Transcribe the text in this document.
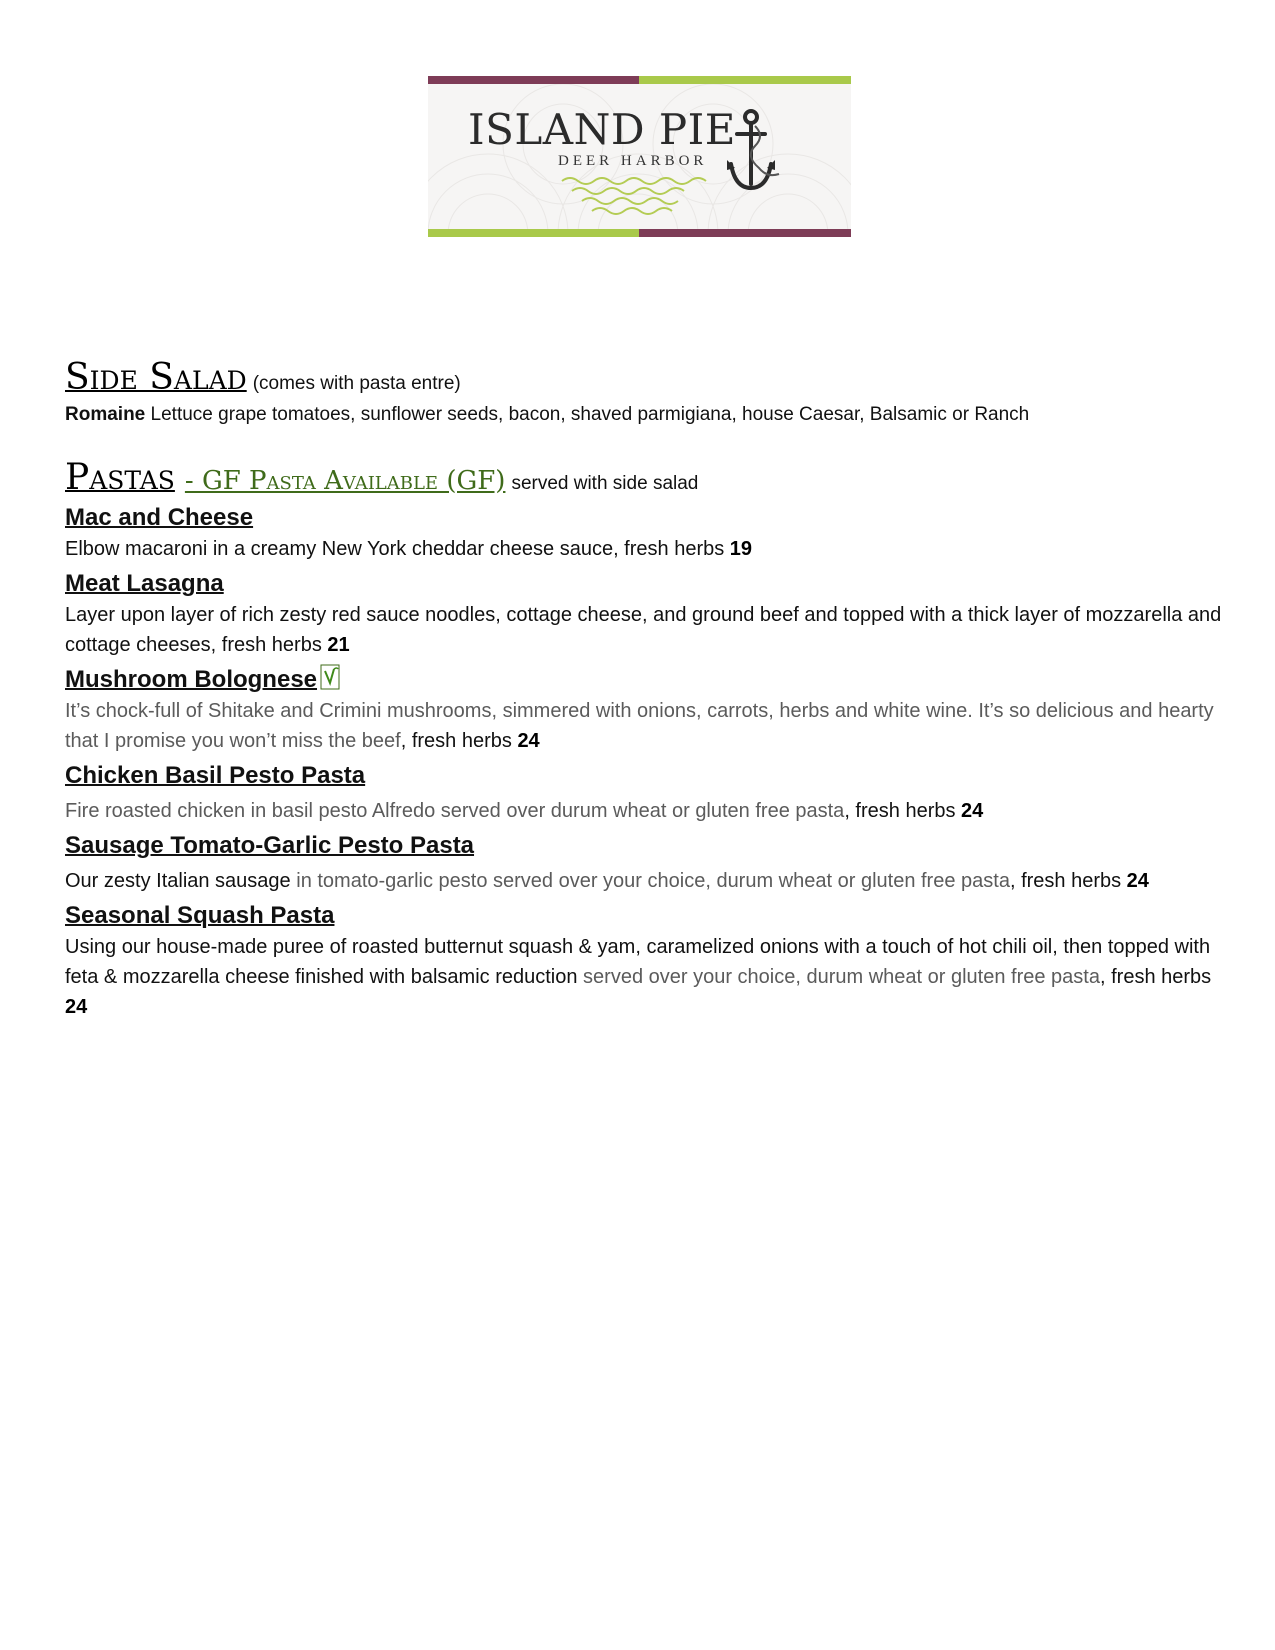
ISLAND PIE
DEER HARBOR
Side Salad (comes with pasta entre)
Romaine Lettuce grape tomatoes, sunflower seeds, bacon, shaved parmigiana, house Caesar, Balsamic or Ranch
Pastas - GF Pasta Available (GF) served with side salad
Mac and Cheese
Elbow macaroni in a creamy New York cheddar cheese sauce, fresh herbs 19
Meat Lasagna
Layer upon layer of rich zesty red sauce noodles, cottage cheese, and ground beef and topped with a thick layer of mozzarella and cottage cheeses, fresh herbs 21
Mushroom Bolognese
It’s chock-full of Shitake and Crimini mushrooms, simmered with onions, carrots, herbs and white wine. It’s so delicious and hearty that I promise you won’t miss the beef, fresh herbs 24
Chicken Basil Pesto Pasta
Fire roasted chicken in basil pesto Alfredo served over durum wheat or gluten free pasta, fresh herbs 24
Sausage Tomato-Garlic Pesto Pasta
Our zesty Italian sausage in tomato-garlic pesto served over your choice, durum wheat or gluten free pasta, fresh herbs 24
Seasonal Squash Pasta
Using our house-made puree of roasted butternut squash & yam, caramelized onions with a touch of hot chili oil, then topped with feta & mozzarella cheese finished with balsamic reduction served over your choice, durum wheat or gluten free pasta, fresh herbs 24
